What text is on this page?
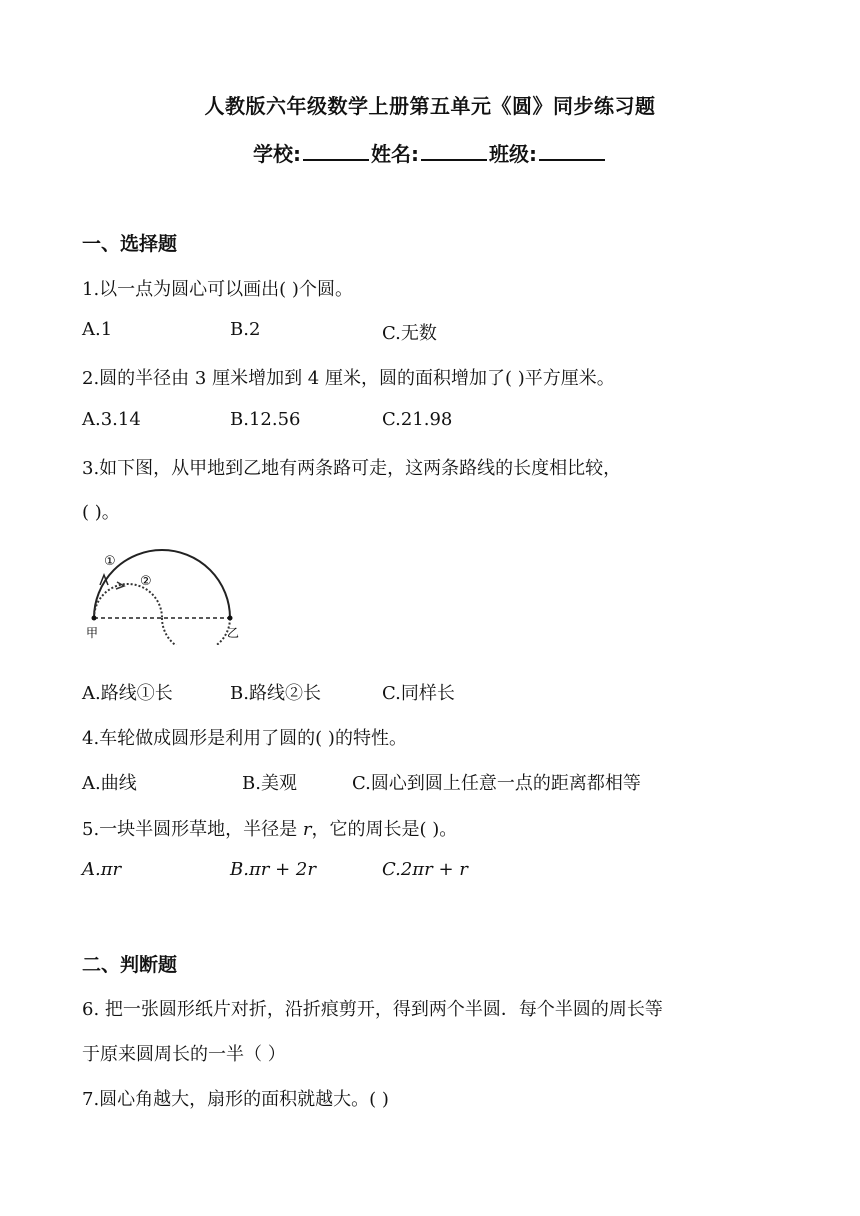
人教版六年级数学上册第五单元《圆》同步练习题
学校:	姓名:	班级:
一、选择题
1.以一点为圆心可以画出( )个圆。
A.1	B.2	C.无数
2.圆的半径由 3 厘米增加到 4 厘米，圆的面积增加了( )平方厘米。
A.3.14	B.12.56	C.21.98
3.如下图，从甲地到乙地有两条路可走，这两条路线的长度相比较，
( )。
①
②
甲	乙
A.路线①长	B.路线②长	C.同样长
4.车轮做成圆形是利用了圆的( )的特性。
A.曲线	B.美观	C.圆心到圆上任意一点的距离都相等
5.一块半圆形草地，半径是 r，它的周长是( )。
A.πr	B.πr + 2r	C.2πr + r
二、判断题
6. 把一张圆形纸片对折，沿折痕剪开，得到两个半圆．每个半圆的周长等
于原来圆周长的一半（ ）
7.圆心角越大，扇形的面积就越大。( )
